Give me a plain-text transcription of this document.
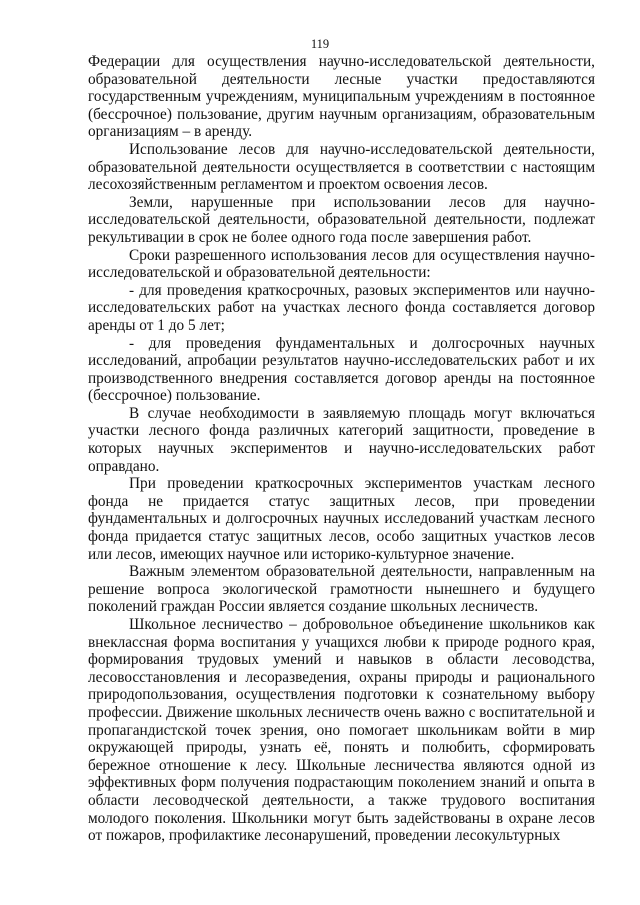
119

Федерации для осуществления научно-исследовательской деятельности, образовательной деятельности лесные участки предоставляются государственным учреждениям, муниципальным учреждениям в постоянное (бессрочное) пользование, другим научным организациям, образовательным организациям – в аренду.

Использование лесов для научно-исследовательской деятельности, образовательной деятельности осуществляется в соответствии с настоящим лесохозяйственным регламентом и проектом освоения лесов.

Земли, нарушенные при использовании лесов для научно-исследовательской деятельности, образовательной деятельности, подлежат рекультивации в срок не более одного года после завершения работ.

Сроки разрешенного использования лесов для осуществления научно-исследовательской и образовательной деятельности:

- для проведения краткосрочных, разовых экспериментов или научно-исследовательских работ на участках лесного фонда составляется договор аренды от 1 до 5 лет;

- для проведения фундаментальных и долгосрочных научных исследований, апробации результатов научно-исследовательских работ и их производственного внедрения составляется договор аренды на постоянное (бессрочное) пользование.

В случае необходимости в заявляемую площадь могут включаться участки лесного фонда различных категорий защитности, проведение в которых научных экспериментов и научно-исследовательских работ оправдано.

При проведении краткосрочных экспериментов участкам лесного фонда не придается статус защитных лесов, при проведении фундаментальных и долгосрочных научных исследований участкам лесного фонда придается статус защитных лесов, особо защитных участков лесов или лесов, имеющих научное или историко-культурное значение.

Важным элементом образовательной деятельности, направленным на решение вопроса экологической грамотности нынешнего и будущего поколений граждан России является создание школьных лесничеств.

Школьное лесничество – добровольное объединение школьников как внеклассная форма воспитания у учащихся любви к природе родного края, формирования трудовых умений и навыков в области лесоводства, лесовосстановления и лесоразведения, охраны природы и рационального природопользования, осуществления подготовки к сознательному выбору профессии. Движение школьных лесничеств очень важно с воспитательной и пропагандистской точек зрения, оно помогает школьникам войти в мир окружающей природы, узнать её, понять и полюбить, сформировать бережное отношение к лесу. Школьные лесничества являются одной из эффективных форм получения подрастающим поколением знаний и опыта в области лесоводческой деятельности, а также трудового воспитания молодого поколения. Школьники могут быть задействованы в охране лесов от пожаров, профилактике лесонарушений, проведении лесокультурных
